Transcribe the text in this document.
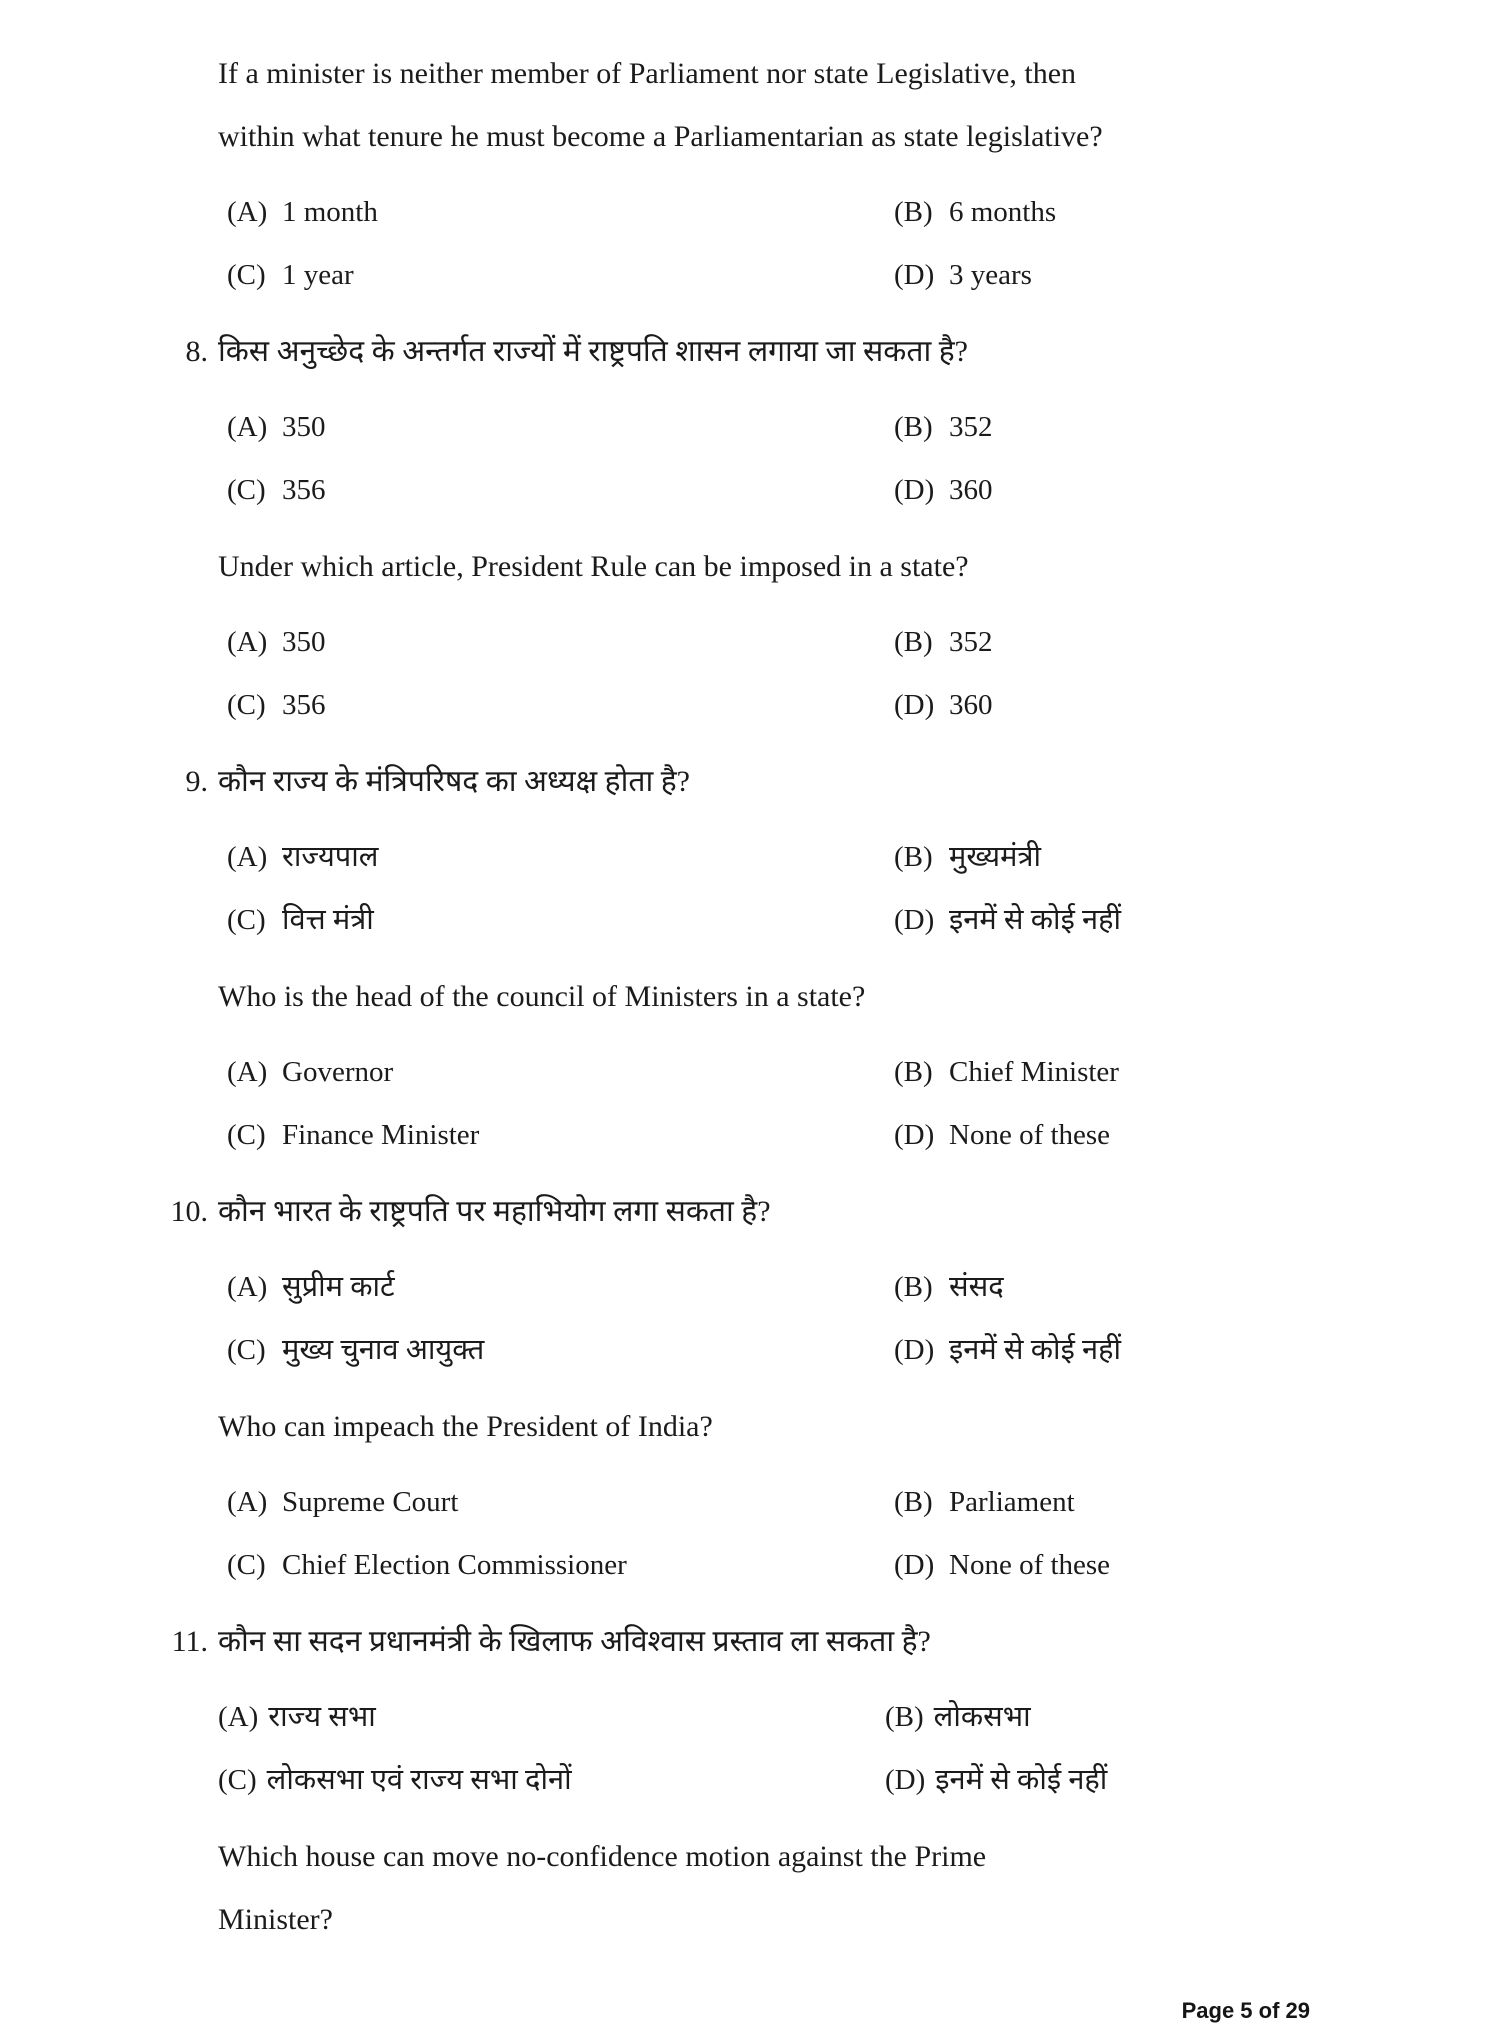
If a minister is neither member of Parliament nor state Legislative, then
within what tenure he must become a Parliamentarian as state legislative?
(A) 1 month	(B) 6 months
(C) 1 year	(D) 3 years
8. किस अनुच्छेद के अन्तर्गत राज्यों में राष्ट्रपति शासन लगाया जा सकता है?
(A) 350	(B) 352
(C) 356	(D) 360
Under which article, President Rule can be imposed in a state?
(A) 350	(B) 352
(C) 356	(D) 360
9. कौन राज्य के मंत्रिपरिषद का अध्यक्ष होता है?
(A) राज्यपाल	(B) मुख्यमंत्री
(C) वित्त मंत्री	(D) इनमें से कोई नहीं
Who is the head of the council of Ministers in a state?
(A) Governor	(B) Chief Minister
(C) Finance Minister	(D) None of these
10. कौन भारत के राष्ट्रपति पर महाभियोग लगा सकता है?
(A) सुप्रीम कार्ट	(B) संसद
(C) मुख्य चुनाव आयुक्त	(D) इनमें से कोई नहीं
Who can impeach the President of India?
(A) Supreme Court	(B) Parliament
(C) Chief Election Commissioner	(D) None of these
11. कौन सा सदन प्रधानमंत्री के खिलाफ अविश्वास प्रस्ताव ला सकता है?
(A) राज्य सभा	(B) लोकसभा
(C) लोकसभा एवं राज्य सभा दोनों	(D) इनमें से कोई नहीं
Which house can move no-confidence motion against the Prime
Minister?
Page 5 of 29
